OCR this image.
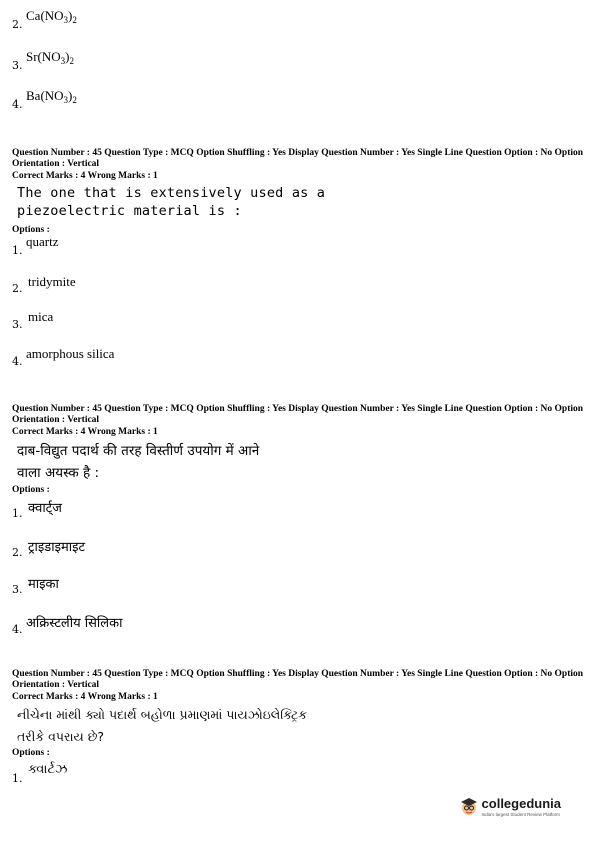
2.
$Ca(NO_3)_2$
3.
$Sr(NO_3)_2$
4.
$Ba(NO_3)_2$
Question Number : 45 Question Type : MCQ Option Shuffling : Yes Display Question Number : Yes Single Line Question Option : No Option Orientation : Vertical
Correct Marks : 4 Wrong Marks : 1
The one that is extensively used as a
piezoelectric material is :
Options :
1.
quartz
2. tridymite
3.
mica
4.
amorphous silica
Question Number : 45 Question Type : MCQ Option Shuffling : Yes Display Question Number : Yes Single Line Question Option : No Option Orientation : Vertical
Correct Marks : 4 Wrong Marks : 1
दाब-विद्युत पदार्थ की तरह विस्तीर्ण उपयोग में आने
वाला अयस्क है :
Options :
1. क्वार्ट्ज
2. ट्राइडाइमाइट
3. माइका
4. अक्रिस्टलीय सिलिका
Question Number : 45 Question Type : MCQ Option Shuffling : Yes Display Question Number : Yes Single Line Question Option : No Option Orientation : Vertical
Correct Marks : 4 Wrong Marks : 1
નીચેના માંથી ક્યો પદાર્થ બહોળા પ્રમાણમાં પાયઝોઇલેક્ટ્રિક
તરીકે વપરાય છે?
Options :
1.
ક્વાર્ટઝ
collegedunia
India's largest Student Review Platform
